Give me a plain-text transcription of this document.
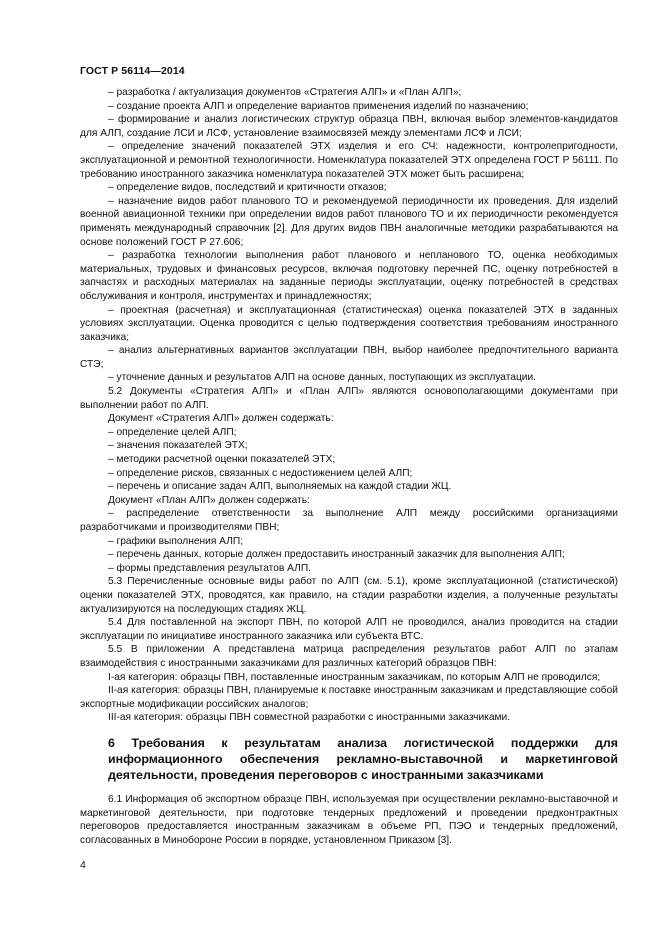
ГОСТ Р 56114—2014

– разработка / актуализация документов «Стратегия АЛП» и «План АЛП»;

– создание проекта АЛП и определение вариантов применения изделий по назначению;

– формирование и анализ логистических структур образца ПВН, включая выбор элементов-кандидатов для АЛП, создание ЛСИ и ЛСФ, установление взаимосвязей между элементами ЛСФ и ЛСИ;

– определение значений показателей ЭТХ изделия и его СЧ: надежности, контролепригодности, эксплуатационной и ремонтной технологичности. Номенклатура показателей ЭТХ определена ГОСТ Р 56111. По требованию иностранного заказчика номенклатура показателей ЭТХ может быть расширена;

– определение видов, последствий и критичности отказов;

– назначение видов работ планового ТО и рекомендуемой периодичности их проведения. Для изделий военной авиационной техники при определении видов работ планового ТО и их периодичности рекомендуется применять международный справочник [2]. Для других видов ПВН аналогичные методики разрабатываются на основе положений ГОСТ Р 27.606;

– разработка технологии выполнения работ планового и непланового ТО, оценка необходимых материальных, трудовых и финансовых ресурсов, включая подготовку перечней ПС, оценку потребностей в запчастях и расходных материалах на заданные периоды эксплуатации, оценку потребностей в средствах обслуживания и контроля, инструментах и принадлежностях;

– проектная (расчетная) и эксплуатационная (статистическая) оценка показателей ЭТХ в заданных условиях эксплуатации. Оценка проводится с целью подтверждения соответствия требованиям иностранного заказчика;

– анализ альтернативных вариантов эксплуатации ПВН, выбор наиболее предпочтительного варианта СТЭ;

– уточнение данных и результатов АЛП на основе данных, поступающих из эксплуатации.

5.2 Документы «Стратегия АЛП» и «План АЛП» являются основополагающими документами при выполнении работ по АЛП.

Документ «Стратегия АЛП» должен содержать:

– определение целей АЛП;

– значения показателей ЭТХ;

– методики расчетной оценки показателей ЭТХ;

– определение рисков, связанных с недостижением целей АЛП;

– перечень и описание задач АЛП, выполняемых на каждой стадии ЖЦ.

Документ «План АЛП» должен содержать:

– распределение ответственности за выполнение АЛП между российскими организациями разработчиками и производителями ПВН;

– графики выполнения АЛП;

– перечень данных, которые должен предоставить иностранный заказчик для выполнения АЛП;

– формы представления результатов АЛП.

5.3 Перечисленные основные виды работ по АЛП (см. 5.1), кроме эксплуатационной (статистической) оценки показателей ЭТХ, проводятся, как правило, на стадии разработки изделия, а полученные результаты актуализируются на последующих стадиях ЖЦ.

5.4 Для поставленной на экспорт ПВН, по которой АЛП не проводился, анализ проводится на стадии эксплуатации по инициативе иностранного заказчика или субъекта ВТС.

5.5 В приложении А представлена матрица распределения результатов работ АЛП по этапам взаимодействия с иностранными заказчиками для различных категорий образцов ПВН:

I-ая категория: образцы ПВН, поставленные иностранным заказчикам, по которым АЛП не проводился;

II-ая категория: образцы ПВН, планируемые к поставке иностранным заказчикам и представляющие собой экспортные модификации российских аналогов;

III-ая категория: образцы ПВН совместной разработки с иностранными заказчиками.

6 Требования к результатам анализа логистической поддержки для информационного обеспечения рекламно-выставочной и маркетинговой деятельности, проведения переговоров с иностранными заказчиками

6.1 Информация об экспортном образце ПВН, используемая при осуществлении рекламно-выставочной и маркетинговой деятельности, при подготовке тендерных предложений и проведении предконтрактных переговоров предоставляется иностранным заказчикам в объеме РП, ПЭО и тендерных предложений, согласованных в Минобороне России в порядке, установленном Приказом [3].

4
